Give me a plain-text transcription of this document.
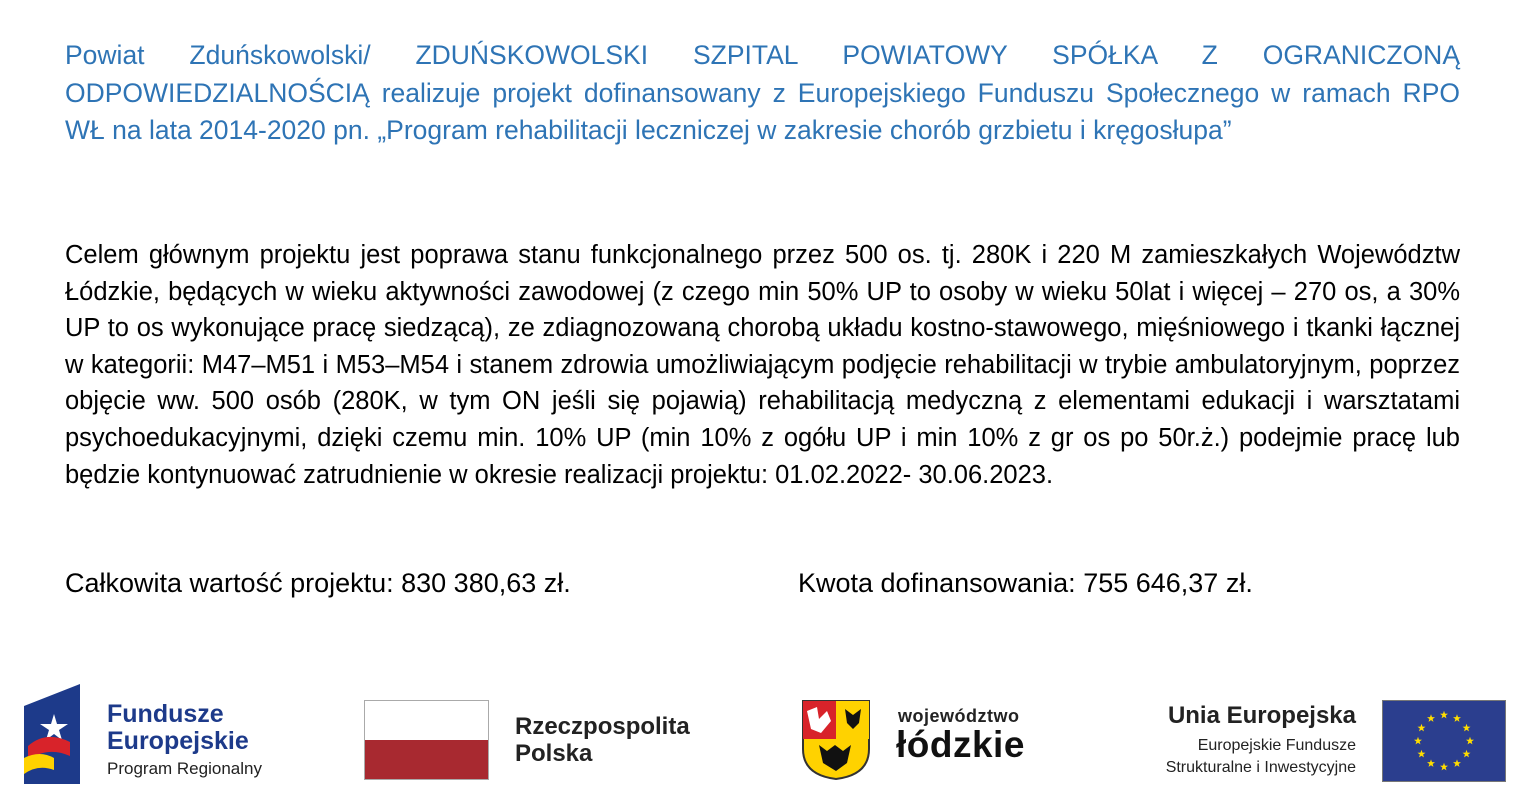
Powiat Zduńskowolski/ ZDUŃSKOWOLSKI SZPITAL POWIATOWY SPÓŁKA Z OGRANICZONĄ ODPOWIEDZIALNOŚCIĄ realizuje projekt dofinansowany z Europejskiego Funduszu Społecznego w ramach RPO WŁ na lata 2014-2020 pn. „Program rehabilitacji leczniczej w zakresie chorób grzbietu i kręgosłupa”

Celem głównym projektu jest poprawa stanu funkcjonalnego przez 500 os. tj. 280K i 220 M zamieszkałych Województw Łódzkie, będących w wieku aktywności zawodowej (z czego min 50% UP to osoby w wieku 50lat i więcej – 270 os, a 30% UP to os wykonujące pracę siedzącą), ze zdiagnozowaną chorobą układu kostno-stawowego, mięśniowego i tkanki łącznej w kategorii: M47–M51 i M53–M54 i stanem zdrowia umożliwiającym podjęcie rehabilitacji w trybie ambulatoryjnym, poprzez objęcie ww. 500 osób (280K, w tym ON jeśli się pojawią) rehabilitacją medyczną z elementami edukacji i warsztatami psychoedukacyjnymi, dzięki czemu min. 10% UP (min 10% z ogółu UP i min 10% z gr os po 50r.ż.) podejmie pracę lub będzie kontynuować zatrudnienie w okresie realizacji projektu: 01.02.2022- 30.06.2023.

Całkowita wartość projektu: 830 380,63 zł.	Kwota dofinansowania: 755 646,37 zł.
Fundusze
Europejskie
Program Regionalny
Rzeczpospolita
Polska
województwo
łódzkie
Unia Europejska
Europejskie Fundusze
Strukturalne i Inwestycyjne
